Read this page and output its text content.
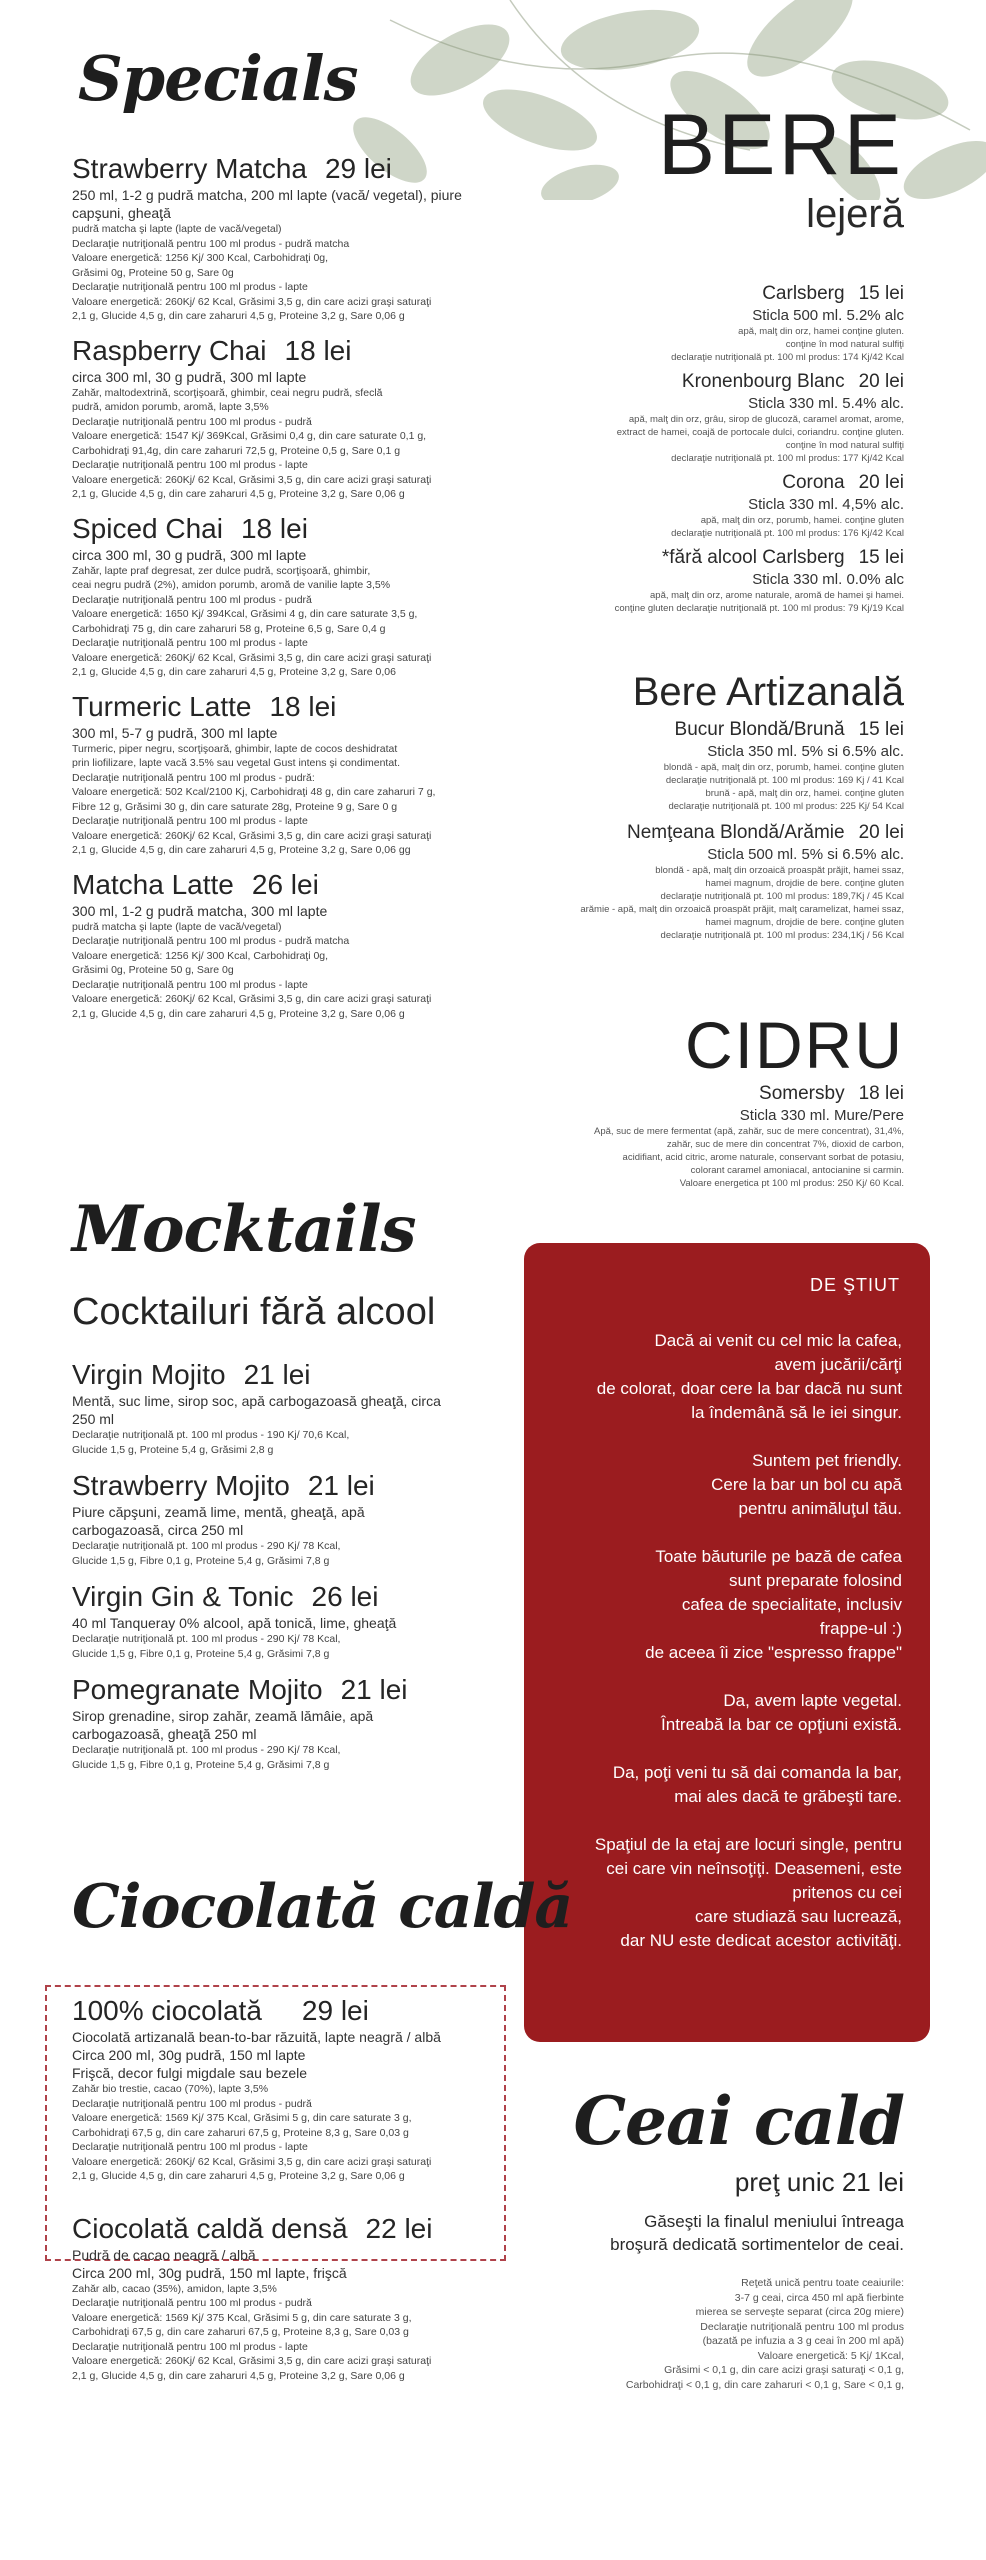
Specials
Strawberry Matcha 29 lei
250 ml, 1-2 g pudră matcha, 200 ml lapte (vacă/ vegetal), piure capşuni, gheaţă
pudră matcha şi lapte (lapte de vacă/vegetal)
Declaraţie nutriţională pentru 100 ml produs - pudră matcha
Valoare energetică: 1256 Kj/ 300 Kcal, Carbohidraţi 0g,
Grăsimi 0g, Proteine 50 g, Sare 0g
Declaraţie nutriţională pentru 100 ml produs - lapte
Valoare energetică: 260Kj/ 62 Kcal, Grăsimi 3,5 g, din care acizi graşi saturaţi
2,1 g, Glucide 4,5 g, din care zaharuri 4,5 g, Proteine 3,2 g, Sare 0,06 g
Raspberry Chai 18 lei
circa 300 ml, 30 g pudră, 300 ml lapte
Zahăr, maltodextrină, scorţişoară, ghimbir, ceai negru pudră, sfeclă
pudră, amidon porumb, aromă, lapte 3,5%
Declaraţie nutriţională pentru 100 ml produs - pudră
Valoare energetică: 1547 Kj/ 369Kcal, Grăsimi 0,4 g, din care saturate 0,1 g,
Carbohidraţi 91,4g, din care zaharuri 72,5 g, Proteine 0,5 g, Sare 0,1 g
Declaraţie nutriţională pentru 100 ml produs - lapte
Valoare energetică: 260Kj/ 62 Kcal, Grăsimi 3,5 g, din care acizi graşi saturaţi
2,1 g, Glucide 4,5 g, din care zaharuri 4,5 g, Proteine 3,2 g, Sare 0,06 g
Spiced Chai 18 lei
circa 300 ml, 30 g pudră, 300 ml lapte
Zahăr, lapte praf degresat, zer dulce pudră, scorţişoară, ghimbir,
ceai negru pudră (2%), amidon porumb, aromă de vanilie lapte 3,5%
Declaraţie nutriţională pentru 100 ml produs - pudră
Valoare energetică: 1650 Kj/ 394Kcal, Grăsimi 4 g, din care saturate 3,5 g,
Carbohidraţi 75 g, din care zaharuri 58 g, Proteine 6,5 g, Sare 0,4 g
Declaraţie nutriţională pentru 100 ml produs - lapte
Valoare energetică: 260Kj/ 62 Kcal, Grăsimi 3,5 g, din care acizi graşi saturaţi
2,1 g, Glucide 4,5 g, din care zaharuri 4,5 g, Proteine 3,2 g, Sare 0,06
Turmeric Latte 18 lei
300 ml, 5-7 g pudră, 300 ml lapte
Turmeric, piper negru, scorţişoară, ghimbir, lapte de cocos deshidratat
prin liofilizare, lapte vacă 3.5% sau vegetal Gust intens şi condimentat.
Declaraţie nutriţională pentru 100 ml produs - pudră:
Valoare energetică: 502 Kcal/2100 Kj, Carbohidraţi 48 g, din care zaharuri 7 g,
Fibre 12 g, Grăsimi 30 g, din care saturate 28g, Proteine 9 g, Sare 0 g
Declaraţie nutriţională pentru 100 ml produs - lapte
Valoare energetică: 260Kj/ 62 Kcal, Grăsimi 3,5 g, din care acizi graşi saturaţi
2,1 g, Glucide 4,5 g, din care zaharuri 4,5 g, Proteine 3,2 g, Sare 0,06 gg
Matcha Latte 26 lei
300 ml, 1-2 g pudră matcha, 300 ml lapte
pudră matcha şi lapte (lapte de vacă/vegetal)
Declaraţie nutriţională pentru 100 ml produs - pudră matcha
Valoare energetică: 1256 Kj/ 300 Kcal, Carbohidraţi 0g,
Grăsimi 0g, Proteine 50 g, Sare 0g
Declaraţie nutriţională pentru 100 ml produs - lapte
Valoare energetică: 260Kj/ 62 Kcal, Grăsimi 3,5 g, din care acizi graşi saturaţi
2,1 g, Glucide 4,5 g, din care zaharuri 4,5 g, Proteine 3,2 g, Sare 0,06 g
BERE
lejeră
Carlsberg 15 lei
Sticla 500 ml. 5.2% alc
apă, malţ din orz, hamei conţine gluten.
conţine în mod natural sulfiţi
declaraţie nutriţională pt. 100 ml produs: 174 Kj/42 Kcal
Kronenbourg Blanc 20 lei
Sticla 330 ml. 5.4% alc.
apă, malţ din orz, grâu, sirop de glucoză, caramel aromat, arome,
extract de hamei, coajă de portocale dulci, coriandru. conţine gluten.
conţine în mod natural sulfiţi
declaraţie nutriţională pt. 100 ml produs: 177 Kj/42 Kcal
Corona 20 lei
Sticla 330 ml. 4,5% alc.
apă, malţ din orz, porumb, hamei. conţine gluten
declaraţie nutriţională pt. 100 ml produs: 176 Kj/42 Kcal
*fără alcool Carlsberg 15 lei
Sticla 330 ml. 0.0% alc
apă, malţ din orz, arome naturale, aromă de hamei şi hamei.
conţine gluten declaraţie nutriţională pt. 100 ml produs: 79 Kj/19 Kcal
Bere Artizanală
Bucur Blondă/Brună 15 lei
Sticla 350 ml. 5% si 6.5% alc.
blondă - apă, malţ din orz, porumb, hamei. conţine gluten
declaraţie nutriţională pt. 100 ml produs: 169 Kj / 41 Kcal
brună - apă, malţ din orz, hamei. conţine gluten
declaraţie nutriţională pt. 100 ml produs: 225 Kj/ 54 Kcal
Nemţeana Blondă/Arămie 20 lei
Sticla 500 ml. 5% si 6.5% alc.
blondă - apă, malţ din orzoaică proaspăt prăjit, hamei ssaz,
hamei magnum, drojdie de bere. conţine gluten
declaraţie nutriţională pt. 100 ml produs: 189,7Kj / 45 Kcal
arămie - apă, malţ din orzoaică proaspăt prăjit, malţ caramelizat, hamei ssaz,
hamei magnum, drojdie de bere. conţine gluten
declaraţie nutriţională pt. 100 ml produs: 234,1Kj / 56 Kcal
CIDRU
Somersby 18 lei
Sticla 330 ml. Mure/Pere
Apă, suc de mere fermentat (apă, zahăr, suc de mere concentrat), 31,4%,
zahăr, suc de mere din concentrat 7%, dioxid de carbon,
acidifiant, acid citric, arome naturale, conservant sorbat de potasiu,
colorant caramel amoniacal, antocianine si carmin.
Valoare energetica pt 100 ml produs: 250 Kj/ 60 Kcal.
Mocktails
Cocktailuri fără alcool
Virgin Mojito 21 lei
Mentă, suc lime, sirop soc, apă carbogazoasă gheaţă, circa 250 ml
Declaraţie nutriţională pt. 100 ml produs - 190 Kj/ 70,6 Kcal,
Glucide 1,5 g, Proteine 5,4 g, Grăsimi 2,8 g
Strawberry Mojito 21 lei
Piure căpşuni, zeamă lime, mentă, gheaţă, apă carbogazoasă, circa 250 ml
Declaraţie nutriţională pt. 100 ml produs - 290 Kj/ 78 Kcal,
Glucide 1,5 g, Fibre 0,1 g, Proteine 5,4 g, Grăsimi 7,8 g
Virgin Gin & Tonic 26 lei
40 ml Tanqueray 0% alcool, apă tonică, lime, gheaţă
Declaraţie nutriţională pt. 100 ml produs - 290 Kj/ 78 Kcal,
Glucide 1,5 g, Fibre 0,1 g, Proteine 5,4 g, Grăsimi 7,8 g
Pomegranate Mojito 21 lei
Sirop grenadine, sirop zahăr, zeamă lămâie, apă carbogazoasă, gheaţă 250 ml
Declaraţie nutriţională pt. 100 ml produs - 290 Kj/ 78 Kcal,
Glucide 1,5 g, Fibre 0,1 g, Proteine 5,4 g, Grăsimi 7,8 g
DE ŞTIUT
Dacă ai venit cu cel mic la cafea,
avem jucării/cărţi
de colorat, doar cere la bar dacă nu sunt
la îndemână să le iei singur.

Suntem pet friendly.
Cere la bar un bol cu apă
pentru animăluţul tău.

Toate băuturile pe bază de cafea
sunt preparate folosind
cafea de specialitate, inclusiv
frappe-ul :)
de aceea îi zice "espresso frappe"

Da, avem lapte vegetal.
Întreabă la bar ce opţiuni există.

Da, poţi veni tu să dai comanda la bar,
mai ales dacă te grăbeşti tare.

Spaţiul de la etaj are locuri single, pentru
cei care vin neînsoţiţi. Deasemeni, este
pritenos cu cei
care studiază sau lucrează,
dar NU este dedicat acestor activităţi.
Ciocolată caldă
100% ciocolată 29 lei
Ciocolată artizanală bean-to-bar răzuită, lapte neagră / albă
Circa 200 ml, 30g pudră, 150 ml lapte
Frişcă, decor fulgi migdale sau bezele
Zahăr bio trestie, cacao (70%), lapte 3,5%
Declaraţie nutriţională pentru 100 ml produs - pudră
Valoare energetică: 1569 Kj/ 375 Kcal, Grăsimi 5 g, din care saturate 3 g,
Carbohidraţi 67,5 g, din care zaharuri 67,5 g, Proteine 8,3 g, Sare 0,03 g
Declaraţie nutriţională pentru 100 ml produs - lapte
Valoare energetică: 260Kj/ 62 Kcal, Grăsimi 3,5 g, din care acizi graşi saturaţi
2,1 g, Glucide 4,5 g, din care zaharuri 4,5 g, Proteine 3,2 g, Sare 0,06 g
Ciocolată caldă densă 22 lei
Pudră de cacao neagră / albă
Circa 200 ml, 30g pudră, 150 ml lapte, frişcă
Zahăr alb, cacao (35%), amidon, lapte 3,5%
Declaraţie nutriţională pentru 100 ml produs - pudră
Valoare energetică: 1569 Kj/ 375 Kcal, Grăsimi 5 g, din care saturate 3 g,
Carbohidraţi 67,5 g, din care zaharuri 67,5 g, Proteine 8,3 g, Sare 0,03 g
Declaraţie nutriţională pentru 100 ml produs - lapte
Valoare energetică: 260Kj/ 62 Kcal, Grăsimi 3,5 g, din care acizi graşi saturaţi
2,1 g, Glucide 4,5 g, din care zaharuri 4,5 g, Proteine 3,2 g, Sare 0,06 g
Ceai cald
preţ unic 21 lei
Găseşti la finalul meniului întreaga
broşură dedicată sortimentelor de ceai.
Reţetă unică pentru toate ceaiurile:
3-7 g ceai, circa 450 ml apă fierbinte
mierea se serveşte separat (circa 20g miere)
Declaraţie nutriţională pentru 100 ml produs
(bazată pe infuzia a 3 g ceai în 200 ml apă)
Valoare energetică: 5 Kj/ 1Kcal,
Grăsimi < 0,1 g, din care acizi graşi saturaţi < 0,1 g,
Carbohidraţi < 0,1 g, din care zaharuri < 0,1 g, Sare < 0,1 g,
